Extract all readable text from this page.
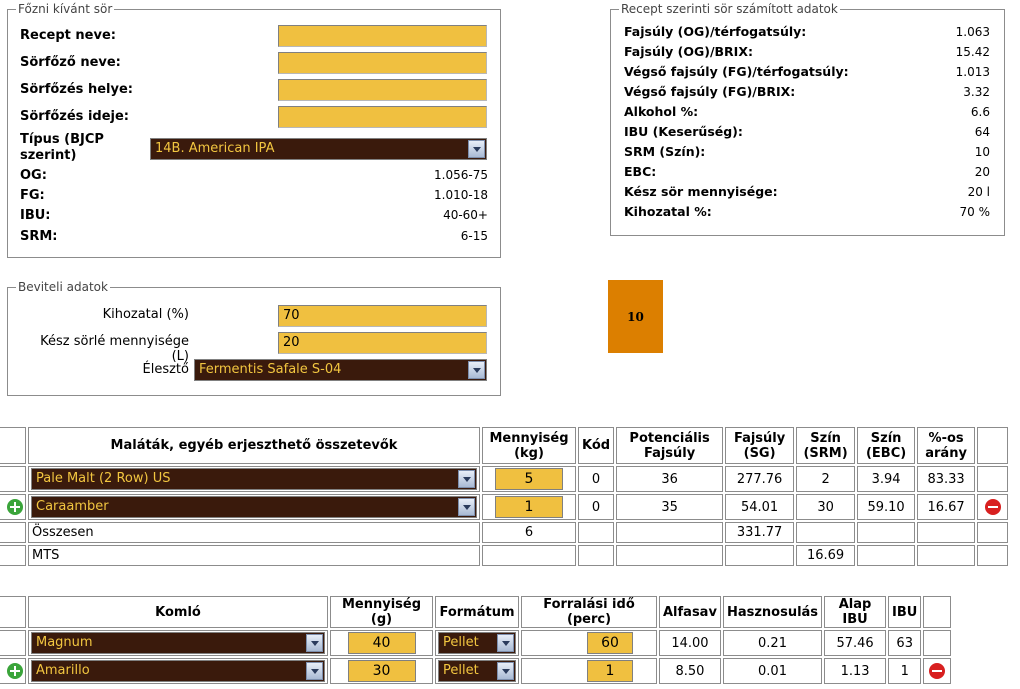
Főzni kívánt sör
Recept neve:
Sörfőző neve:
Sörfőzés helye:
Sörfőzés ideje:
Típus (BJCP szerint)	14B. American IPA
OG:	1.056-75
FG:	1.010-18
IBU:	40-60+
SRM:	6-15
Recept szerinti sör számított adatok
Fajsúly (OG)/térfogatsúly:	1.063
Fajsúly (OG)/BRIX:	15.42
Végső fajsúly (FG)/térfogatsúly:	1.013
Végső fajsúly (FG)/BRIX:	3.32
Alkohol %:	6.6
IBU (Keserűség):	64
SRM (Szín):	10
EBC:	20
Kész sör mennyisége:	20 l
Kihozatal %:	70 %
Beviteli adatok
Kihozatal (%)	70
Kész sörlé mennyisége (L)
20
Élesztő Fermentis Safale S-04
10
	Maláták, egyéb erjeszthető összetevők	Mennyiség (kg)	Kód	Potenciális Fajsúly	Fajsúly (SG)	Szín (SRM)	Szín (EBC)	%-os arány	

	Pale Malt (2 Row) US	5	0	36	277.76	2	3.94	83.33	

	Caraamber	1	0	35	54.01	30	59.10	16.67	
	Összesen	6			331.77				
	MTS					16.69			
	Komló	Mennyiség (g)	Formátum	Forralási idő (perc)	Alfasav	Hasznosulás	Alap IBU	IBU	

	Magnum	40	Pellet	60	14.00	0.21	57.46	63	

	Amarillo	30	Pellet	1	8.50	0.01	1.13	1	
